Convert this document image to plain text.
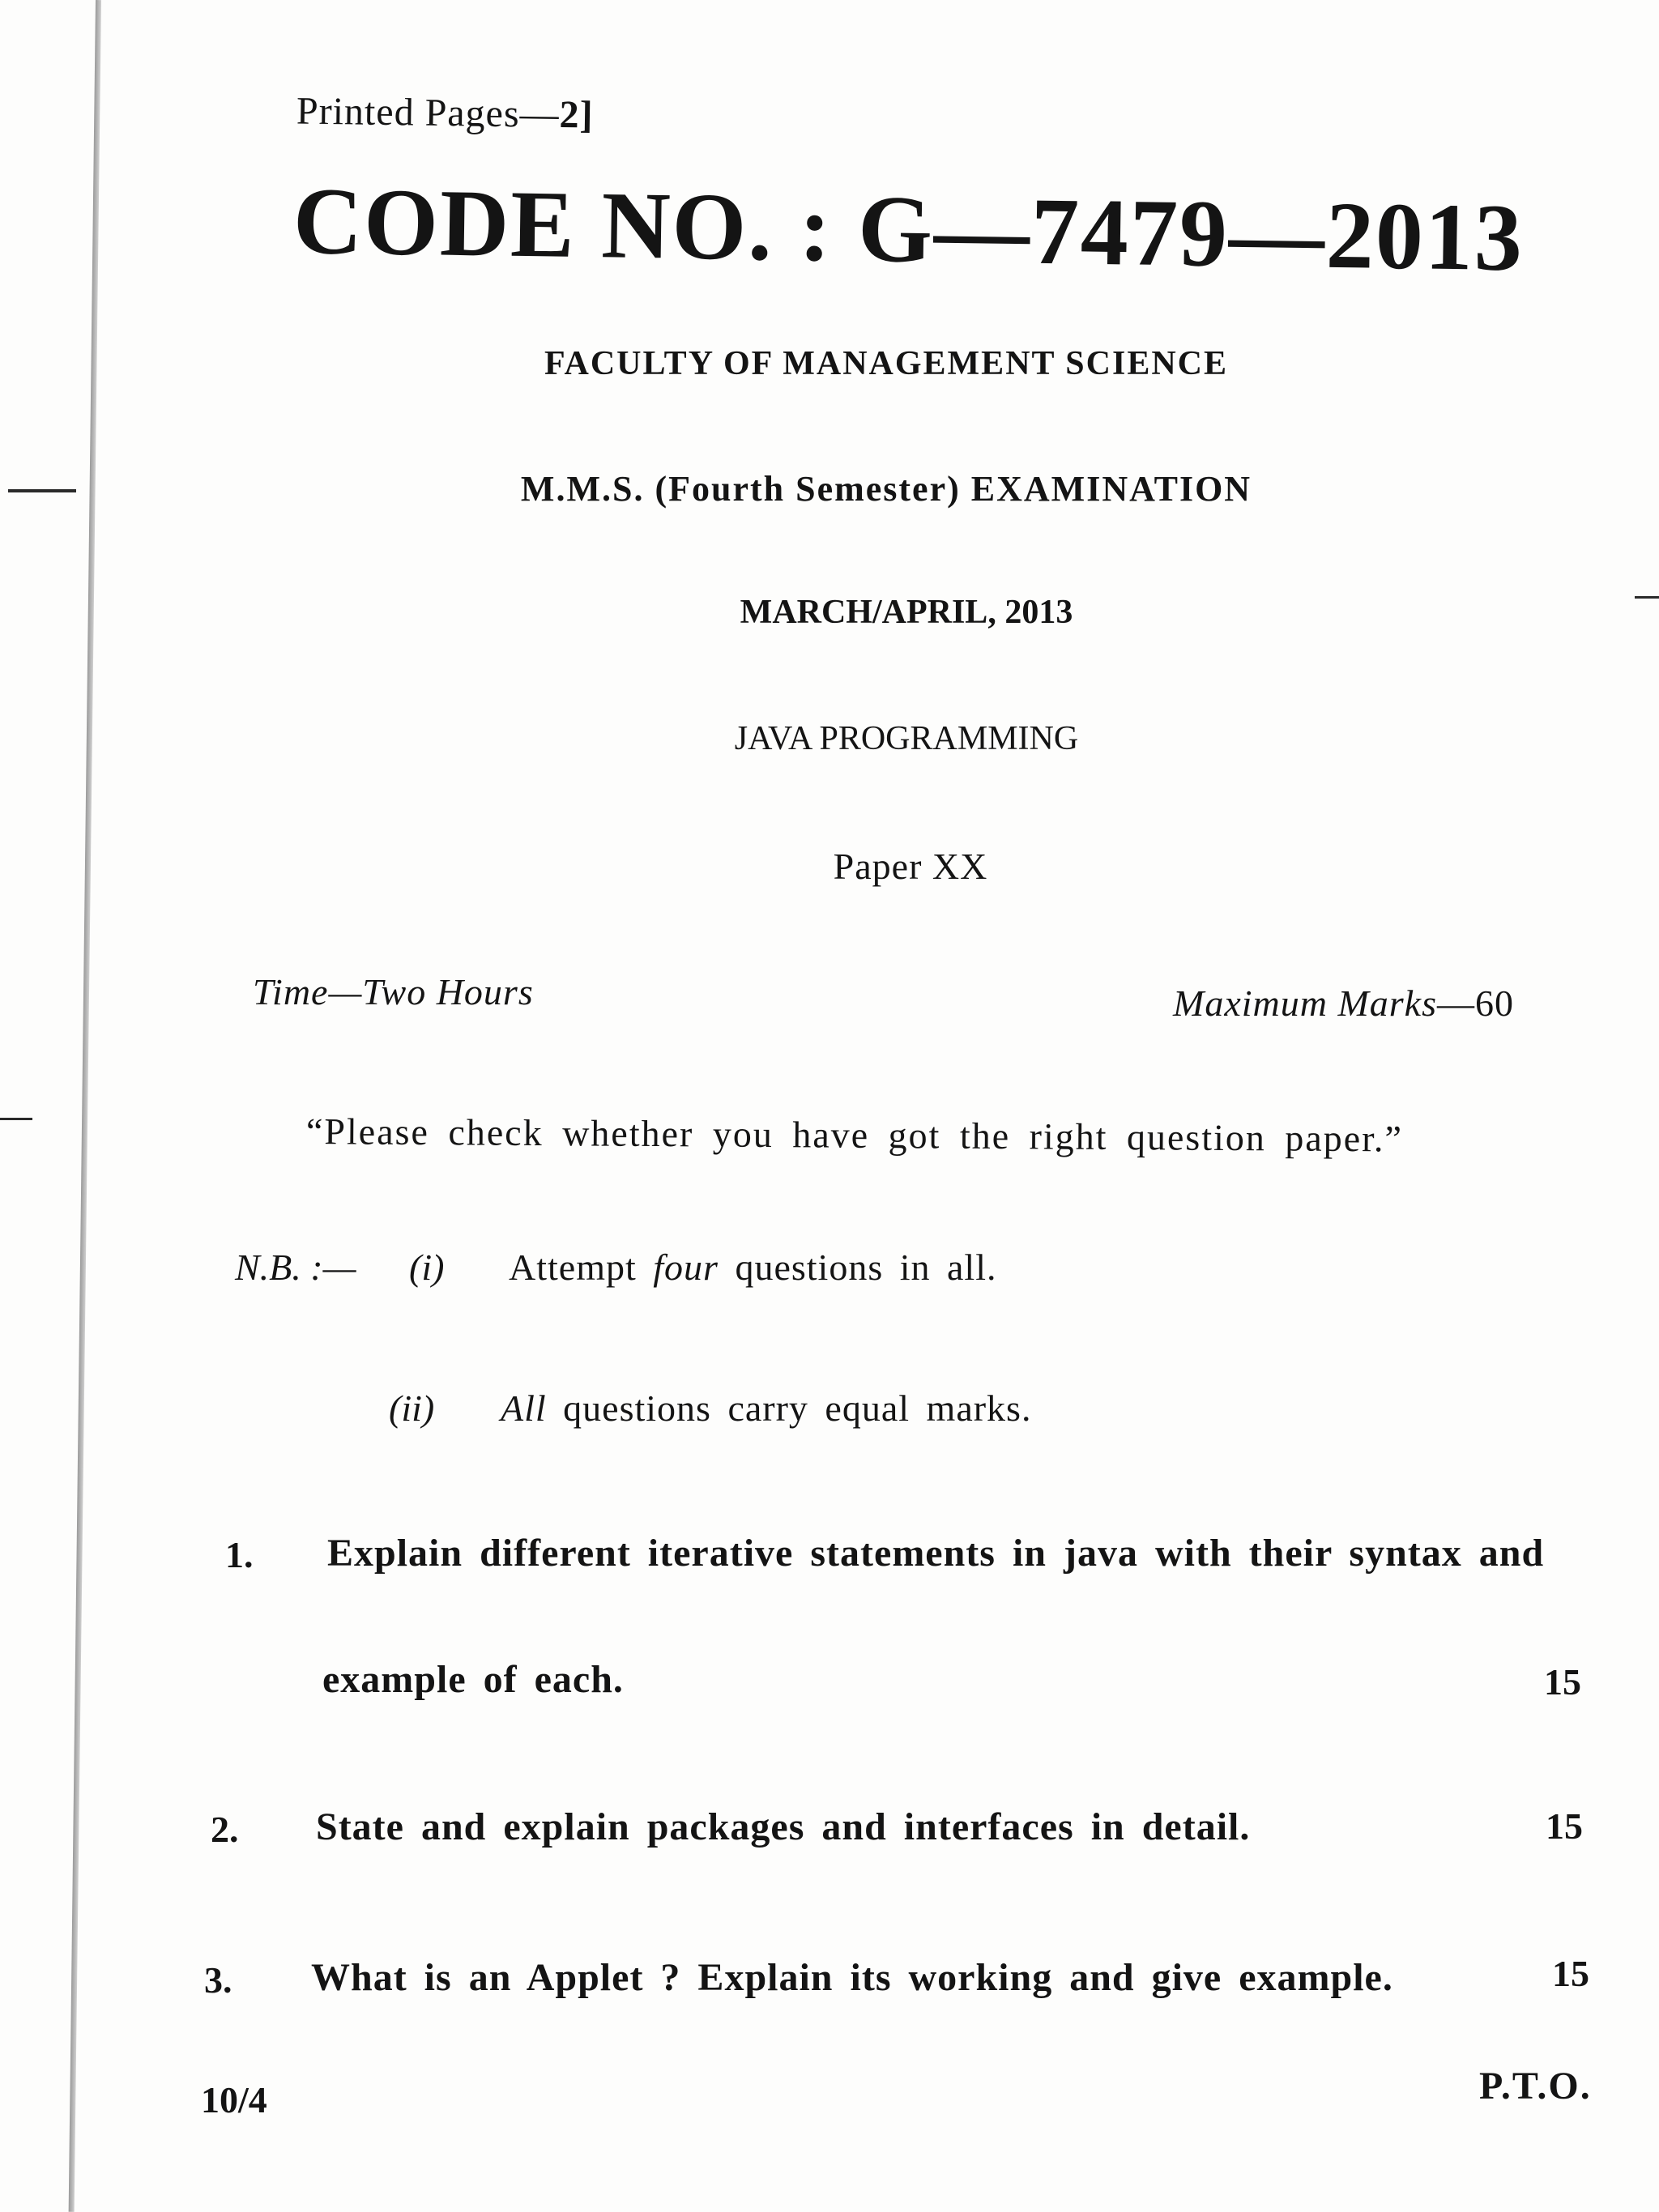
Printed Pages—2]
CODE NO. : G—7479—2013
FACULTY OF MANAGEMENT SCIENCE
M.M.S. (Fourth Semester) EXAMINATION
MARCH/APRIL, 2013
JAVA PROGRAMMING
Paper XX
Time—Two Hours	Maximum Marks—60
“Please check whether you have got the right question paper.”
N.B. :— (i) Attempt four questions in all.
(ii) All questions carry equal marks.
1. Explain different iterative statements in java with their syntax and
example of each.	15
2. State and explain packages and interfaces in detail.	15
3. What is an Applet ? Explain its working and give example.	15
10/4	P.T.O.
